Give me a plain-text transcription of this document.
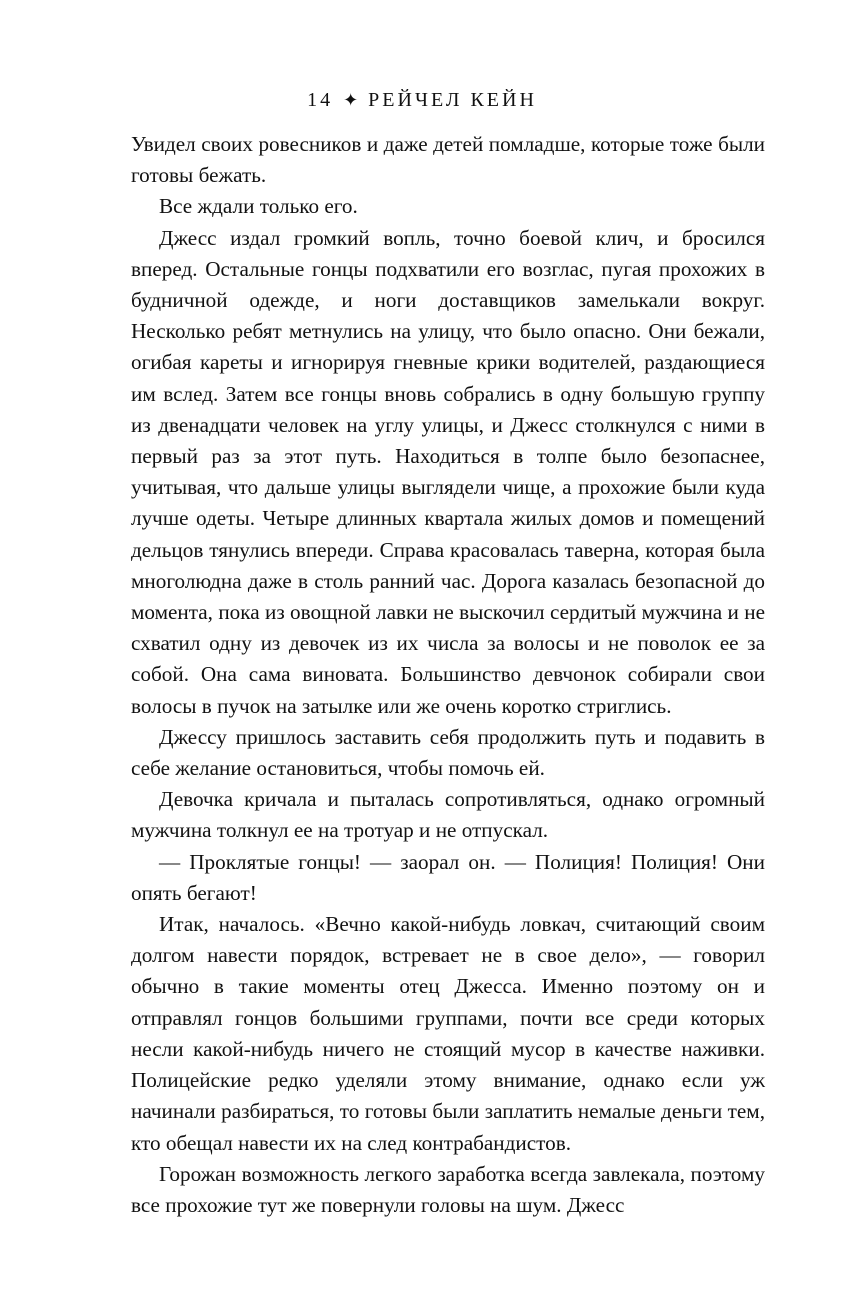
14 ✦ РЕЙЧЕЛ КЕЙН

Увидел своих ровесников и даже детей помладше, которые тоже были готовы бежать.

Все ждали только его.

Джесс издал громкий вопль, точно боевой клич, и бросился вперед. Остальные гонцы подхватили его возглас, пугая прохожих в будничной одежде, и ноги доставщиков замелькали вокруг. Несколько ребят метнулись на улицу, что было опасно. Они бежали, огибая кареты и игнорируя гневные крики водителей, раздающиеся им вслед. Затем все гонцы вновь собрались в одну большую группу из двенадцати человек на углу улицы, и Джесс столкнулся с ними в первый раз за этот путь. Находиться в толпе было безопаснее, учитывая, что дальше улицы выглядели чище, а прохожие были куда лучше одеты. Четыре длинных квартала жилых домов и помещений дельцов тянулись впереди. Справа красовалась таверна, которая была многолюдна даже в столь ранний час. Дорога казалась безопасной до момента, пока из овощной лавки не выскочил сердитый мужчина и не схватил одну из девочек из их числа за волосы и не поволок ее за собой. Она сама виновата. Большинство девчонок собирали свои волосы в пучок на затылке или же очень коротко стриглись.

Джессу пришлось заставить себя продолжить путь и подавить в себе желание остановиться, чтобы помочь ей.

Девочка кричала и пыталась сопротивляться, однако огромный мужчина толкнул ее на тротуар и не отпускал.

— Проклятые гонцы! — заорал он. — Полиция! Полиция! Они опять бегают!

Итак, началось. «Вечно какой-нибудь ловкач, считающий своим долгом навести порядок, встревает не в свое дело», — говорил обычно в такие моменты отец Джесса. Именно поэтому он и отправлял гонцов большими группами, почти все среди которых несли какой-нибудь ничего не стоящий мусор в качестве наживки. Полицейские редко уделяли этому внимание, однако если уж начинали разбираться, то готовы были заплатить немалые деньги тем, кто обещал навести их на след контрабандистов.

Горожан возможность легкого заработка всегда завлекала, поэтому все прохожие тут же повернули головы на шум. Джесс
